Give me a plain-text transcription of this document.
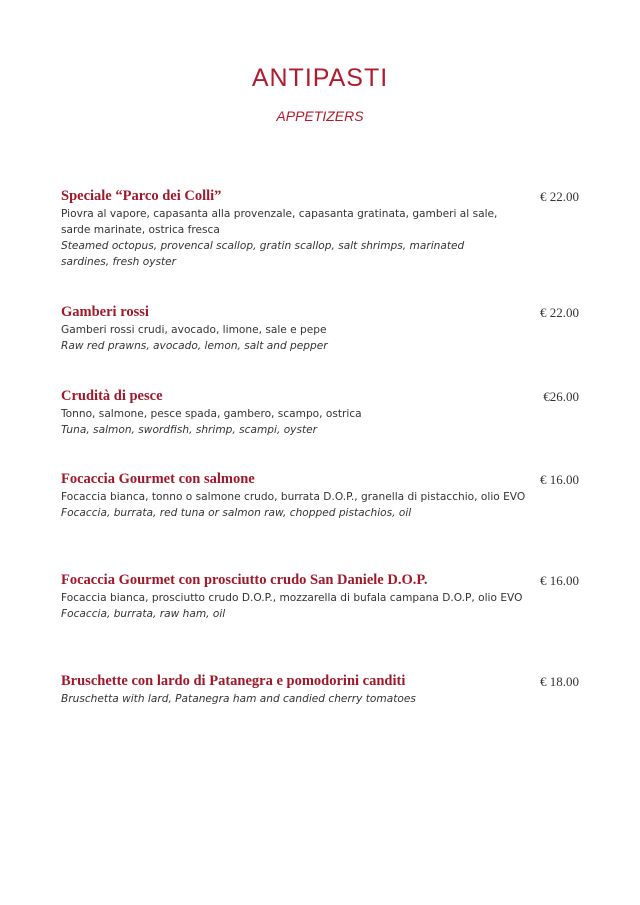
ANTIPASTI
APPETIZERS
Speciale “Parco dei Colli”
Piovra al vapore, capasanta alla provenzale, capasanta gratinata, gamberi al sale, sarde marinate, ostrica fresca
Steamed octopus, provencal scallop, gratin scallop, salt shrimps, marinated sardines, fresh oyster
€ 22.00
Gamberi rossi
Gamberi rossi crudi, avocado, limone, sale e pepe
Raw red prawns, avocado, lemon, salt and pepper
€ 22.00
Crudità di pesce
Tonno, salmone, pesce spada, gambero, scampo, ostrica
Tuna, salmon, swordfish, shrimp, scampi, oyster
€26.00
Focaccia Gourmet con salmone
Focaccia bianca, tonno o salmone crudo, burrata D.O.P., granella di pistacchio, olio EVO
Focaccia, burrata, red tuna or salmon raw, chopped pistachios, oil
€ 16.00
Focaccia Gourmet con prosciutto crudo San Daniele D.O.P.
Focaccia bianca, prosciutto crudo D.O.P., mozzarella di bufala campana D.O.P, olio EVO
Focaccia, burrata, raw ham, oil
€ 16.00
Bruschette con lardo di Patanegra e pomodorini canditi
Bruschetta with lard, Patanegra ham and candied cherry tomatoes
€ 18.00
